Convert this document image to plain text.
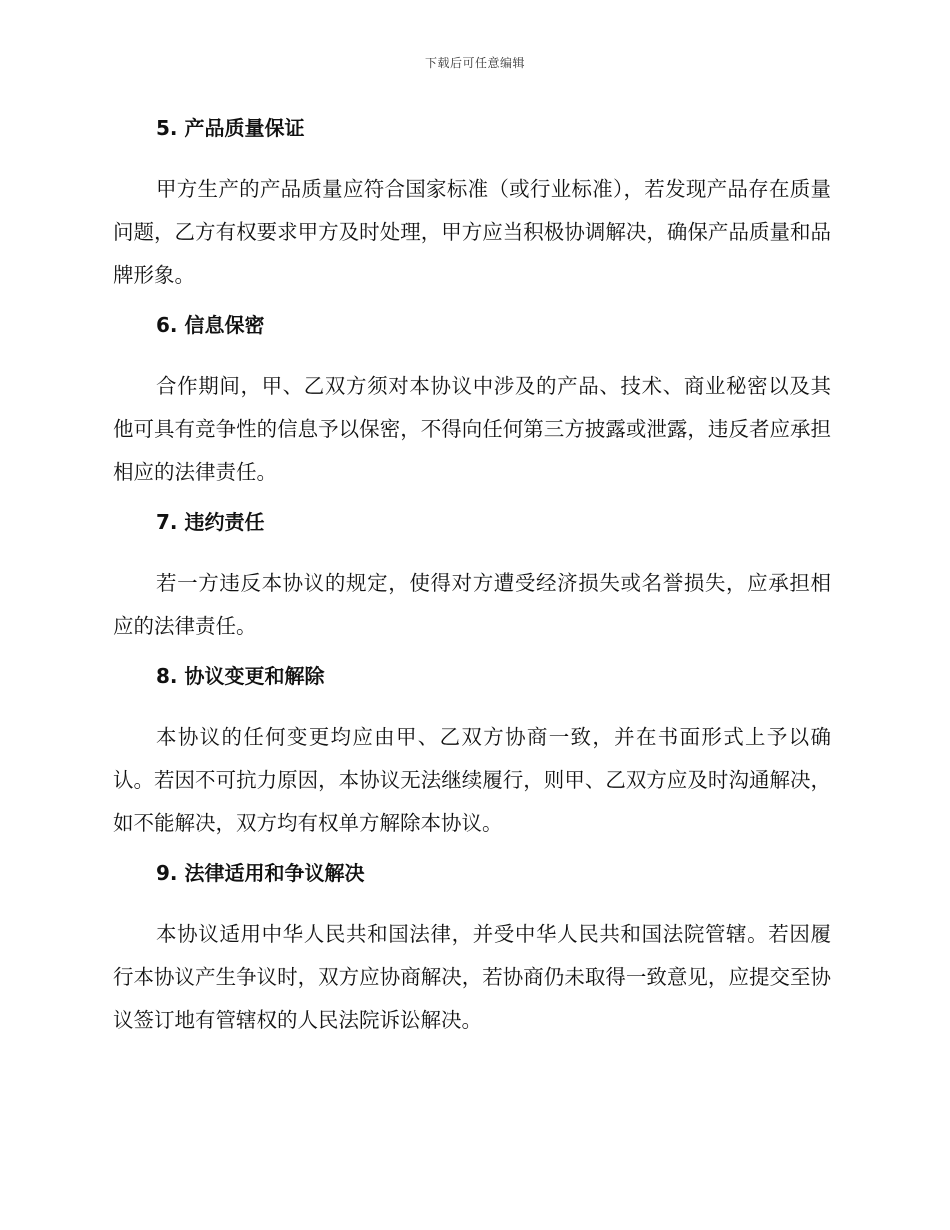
下载后可任意编辑
5. 产品质量保证

甲方生产的产品质量应符合国家标准（或行业标准），若发现产品存在质量问题，乙方有权要求甲方及时处理，甲方应当积极协调解决，确保产品质量和品牌形象。

6. 信息保密

合作期间，甲、乙双方须对本协议中涉及的产品、技术、商业秘密以及其他可具有竞争性的信息予以保密，不得向任何第三方披露或泄露，违反者应承担相应的法律责任。

7. 违约责任

若一方违反本协议的规定，使得对方遭受经济损失或名誉损失，应承担相应的法律责任。

8. 协议变更和解除

本协议的任何变更均应由甲、乙双方协商一致，并在书面形式上予以确认。若因不可抗力原因，本协议无法继续履行，则甲、乙双方应及时沟通解决，如不能解决，双方均有权单方解除本协议。

9. 法律适用和争议解决

本协议适用中华人民共和国法律，并受中华人民共和国法院管辖。若因履行本协议产生争议时，双方应协商解决，若协商仍未取得一致意见，应提交至协议签订地有管辖权的人民法院诉讼解决。
